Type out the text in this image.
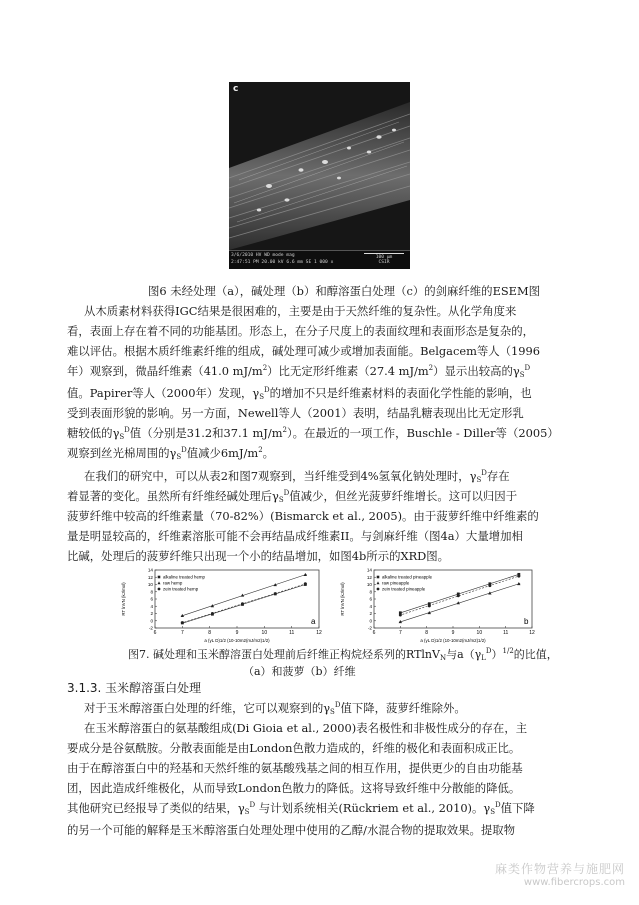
c
3/6/2010 HV WD mode mag
2:47:51 PM 20.00 kV 6.6 mm SE 1 000 x
100 µm
CSIR
图6 未经处理（a），碱处理（b）和醇溶蛋白处理（c）的剑麻纤维的ESEM图
从木质素材料获得IGC结果是很困难的，主要是由于天然纤维的复杂性。从化学角度来
看，表面上存在着不同的功能基团。形态上，在分子尺度上的表面纹理和表面形态是复杂的，
难以评估。根据木质纤维素纤维的组成，碱处理可减少或增加表面能。Belgacem等人（1996
年）观察到，微晶纤维素（41.0 $mJ/m^2$）比无定形纤维素（27.4 $mJ/m^2$）显示出较高的$\gamma_S^D$
值。Papirer等人（2000年）发现，$\gamma_S^D$的增加不只是纤维素材料的表面化学性能的影响，也
受到表面形貌的影响。另一方面，Newell等人（2001）表明，结晶乳糖表现出比无定形乳
糖较低的$\gamma_S^D$值（分别是31.2和37.1 $mJ/m^2$）。在最近的一项工作，Buschle - Diller等（2005）
观察到丝光棉周围的$\gamma_S^D$值减少$6mJ/m^2$。
在我们的研究中，可以从表2和图7观察到，当纤维受到4%氢氧化钠处理时，$\gamma_S^D$存在
着显著的变化。虽然所有纤维经碱处理后$\gamma_S^D$值减少，但丝光菠萝纤维增长。这可以归因于
菠萝纤维中较高的纤维素量（70-82%）(Bismarck et al., 2005)。由于菠萝纤维中纤维素的
量是明显较高的，纤维素溶胀可能不会再结晶成纤维素II。与剑麻纤维（图4a）大量增加相
比碱，处理后的菠萝纤维只出现一个小的结晶增加，如图4b所示的XRD图。
6	7	8	9	10	11	12
-2
0
2
4
6
8
10
12
14
a (γL D)1/2 (10-10m2(mJ/m2)1/2)
RT lnVN (kJ/mol)
alkaline treated hemp
raw hemp
zein treated hemp
a
6	7	8	9	10	11	12
-2
0
2
4
6
8
10
12
14
a (γL D)1/2 (10-10m2(mJ/m2)1/2)
RT lnVN (kJ/mol)
alkaline treated pineapple
raw pineapple
zein treated pineapple
b
图7. 碱处理和玉米醇溶蛋白处理前后纤维正构烷烃系列的RTlnV$_N$与$a(\gamma_L^D)^{1/2}$的比值，
（a）和菠萝（b）纤维
3.1.3. 玉米醇溶蛋白处理
对于玉米醇溶蛋白处理的纤维，它可以观察到的$\gamma_S^D$值下降，菠萝纤维除外。
在玉米醇溶蛋白的氨基酸组成(Di Gioia et al., 2000)表名极性和非极性成分的存在，主
要成分是谷氨酰胺。分散表面能是由London色散力造成的，纤维的极化和表面积成正比。
由于在醇溶蛋白中的羟基和天然纤维的氨基酸残基之间的相互作用，提供更少的自由功能基
团，因此造成纤维极化，从而导致London色散力的降低。这将导致纤维中分散能的降低。
其他研究已经报导了类似的结果，$\gamma_S^D$ 与计划系统相关(Rückriem et al., 2010)。$\gamma_S^D$值下降
的另一个可能的解释是玉米醇溶蛋白处理处理中使用的乙醇/水混合物的提取效果。提取物
麻类作物营养与施肥网
www.fibercrops.com
